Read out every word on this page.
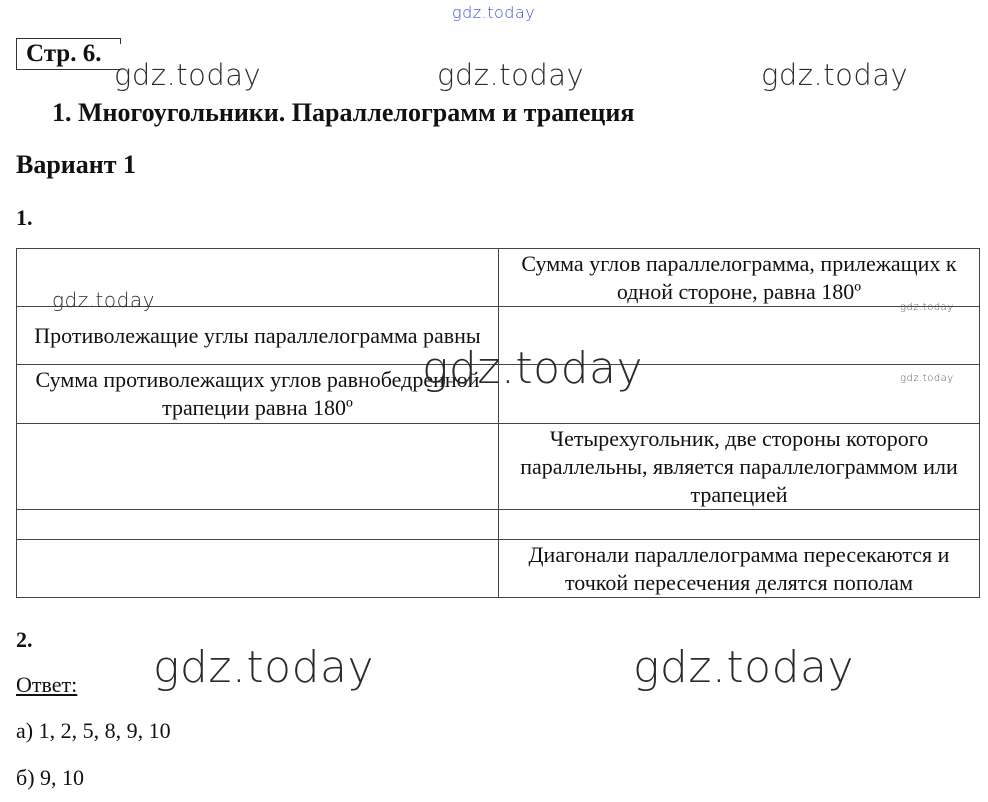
gdz.today
gdz.today	gdz.today	gdz.today
Стр. 6.
1. Многоугольники. Параллелограмм и трапеция
Вариант 1
1.
	Сумма углов параллелограмма, прилежащих к одной стороне, равна 180º
Противолежащие углы параллелограмма равны	
Сумма противолежащих углов равнобедренной трапеции равна 180º	
	Четырехугольник, две стороны которого параллельны, является параллелограммом или трапецией

	Диагонали параллелограмма пересекаются и точкой пересечения делятся пополам
gdz.today
gdz.today
gdz.today
gdz.today
2.
gdz.today	gdz.today
Ответ:
а) 1, 2, 5, 8, 9, 10
б) 9, 10
